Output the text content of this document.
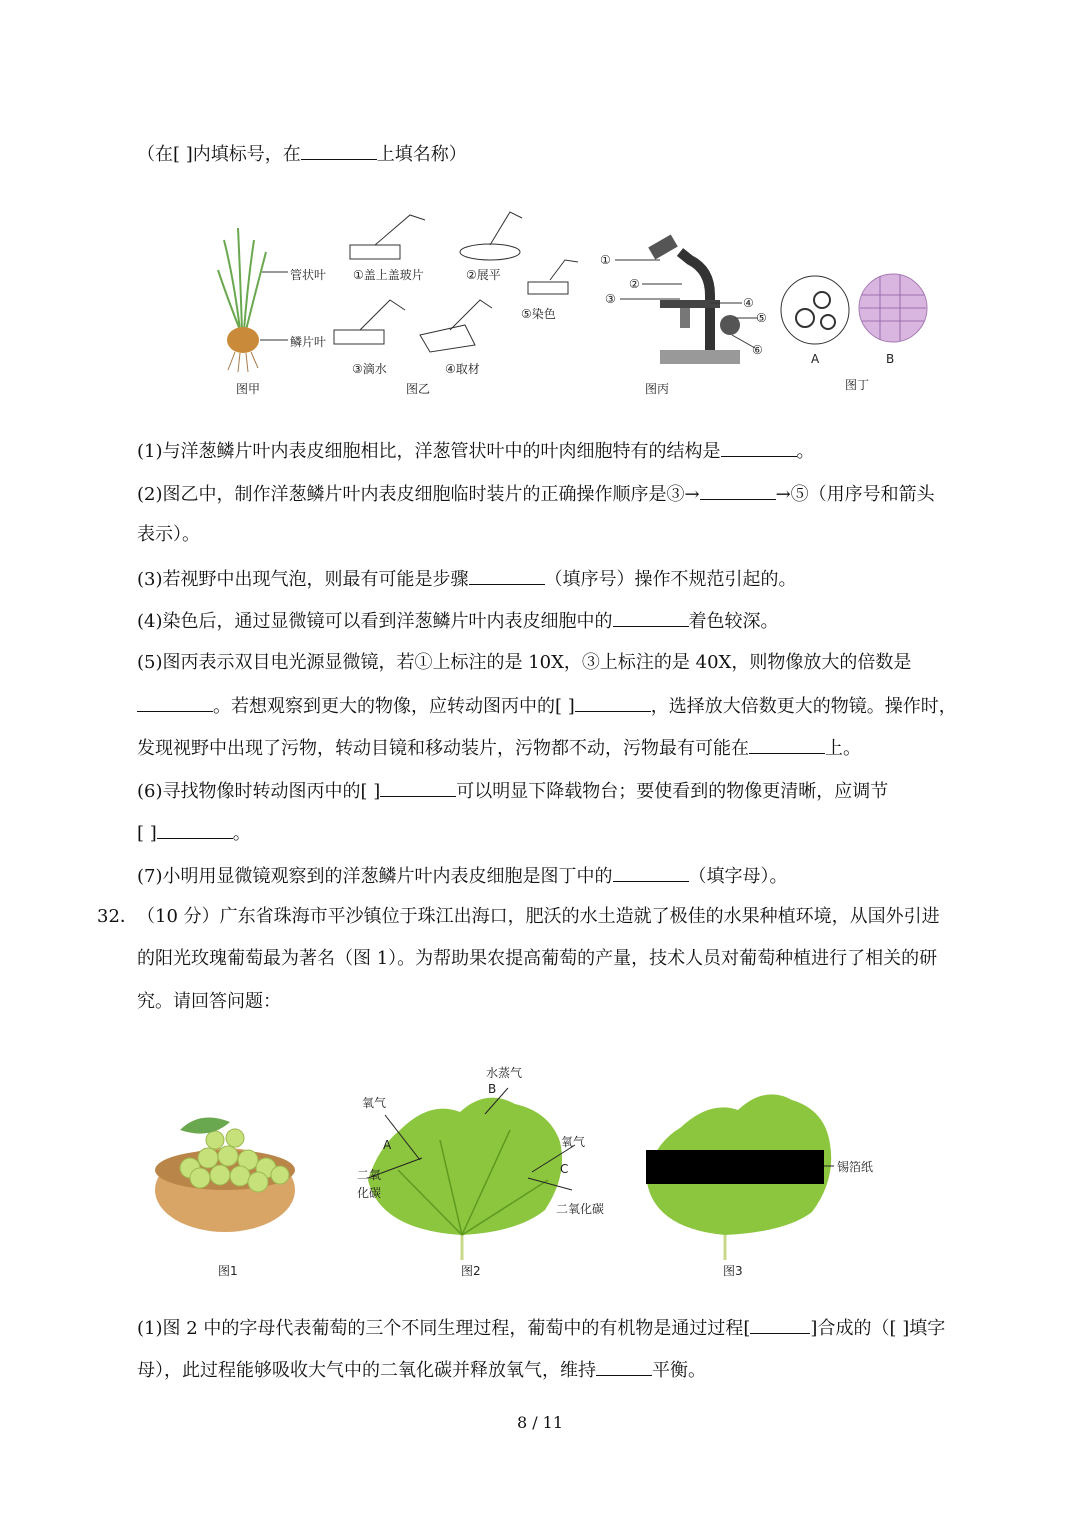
（在[ ]内填标号，在	上填名称）
管状叶
鳞片叶
图甲
①盖上盖玻片	②展平
③滴水	④取材
⑤染色
图乙
①
②
③	④
⑤
⑥
图丙
A	B
图丁
(1)与洋葱鳞片叶内表皮细胞相比，洋葱管状叶中的叶肉细胞特有的结构是	。
(2)图乙中，制作洋葱鳞片叶内表皮细胞临时装片的正确操作顺序是③→	→⑤（用序号和箭头
表示）。
(3)若视野中出现气泡，则最有可能是步骤	（填序号）操作不规范引起的。
(4)染色后，通过显微镜可以看到洋葱鳞片叶内表皮细胞中的	着色较深。
(5)图丙表示双目电光源显微镜，若①上标注的是 10X，③上标注的是 40X，则物像放大的倍数是
。若想观察到更大的物像，应转动图丙中的[ ]	，选择放大倍数更大的物镜。操作时，
发现视野中出现了污物，转动目镜和移动装片，污物都不动，污物最有可能在	上。
(6)寻找物像时转动图丙中的[ ]	可以明显下降载物台；要使看到的物像更清晰，应调节
[ ]	。
(7)小明用显微镜观察到的洋葱鳞片叶内表皮细胞是图丁中的	（填字母）。
32． （10 分）广东省珠海市平沙镇位于珠江出海口，肥沃的水土造就了极佳的水果种植环境，从国外引进
的阳光玫瑰葡萄最为著名（图 1）。为帮助果农提高葡萄的产量，技术人员对葡萄种植进行了相关的研
究。请回答问题：
图1
水蒸气
B
氧气
A
二氧
化碳
氧气
C
二氧化碳
图2
锡箔纸
图3
(1)图 2 中的字母代表葡萄的三个不同生理过程，葡萄中的有机物是通过过程[	]合成的（[ ]填字
母），此过程能够吸收大气中的二氧化碳并释放氧气，维持	平衡。
8 / 11
